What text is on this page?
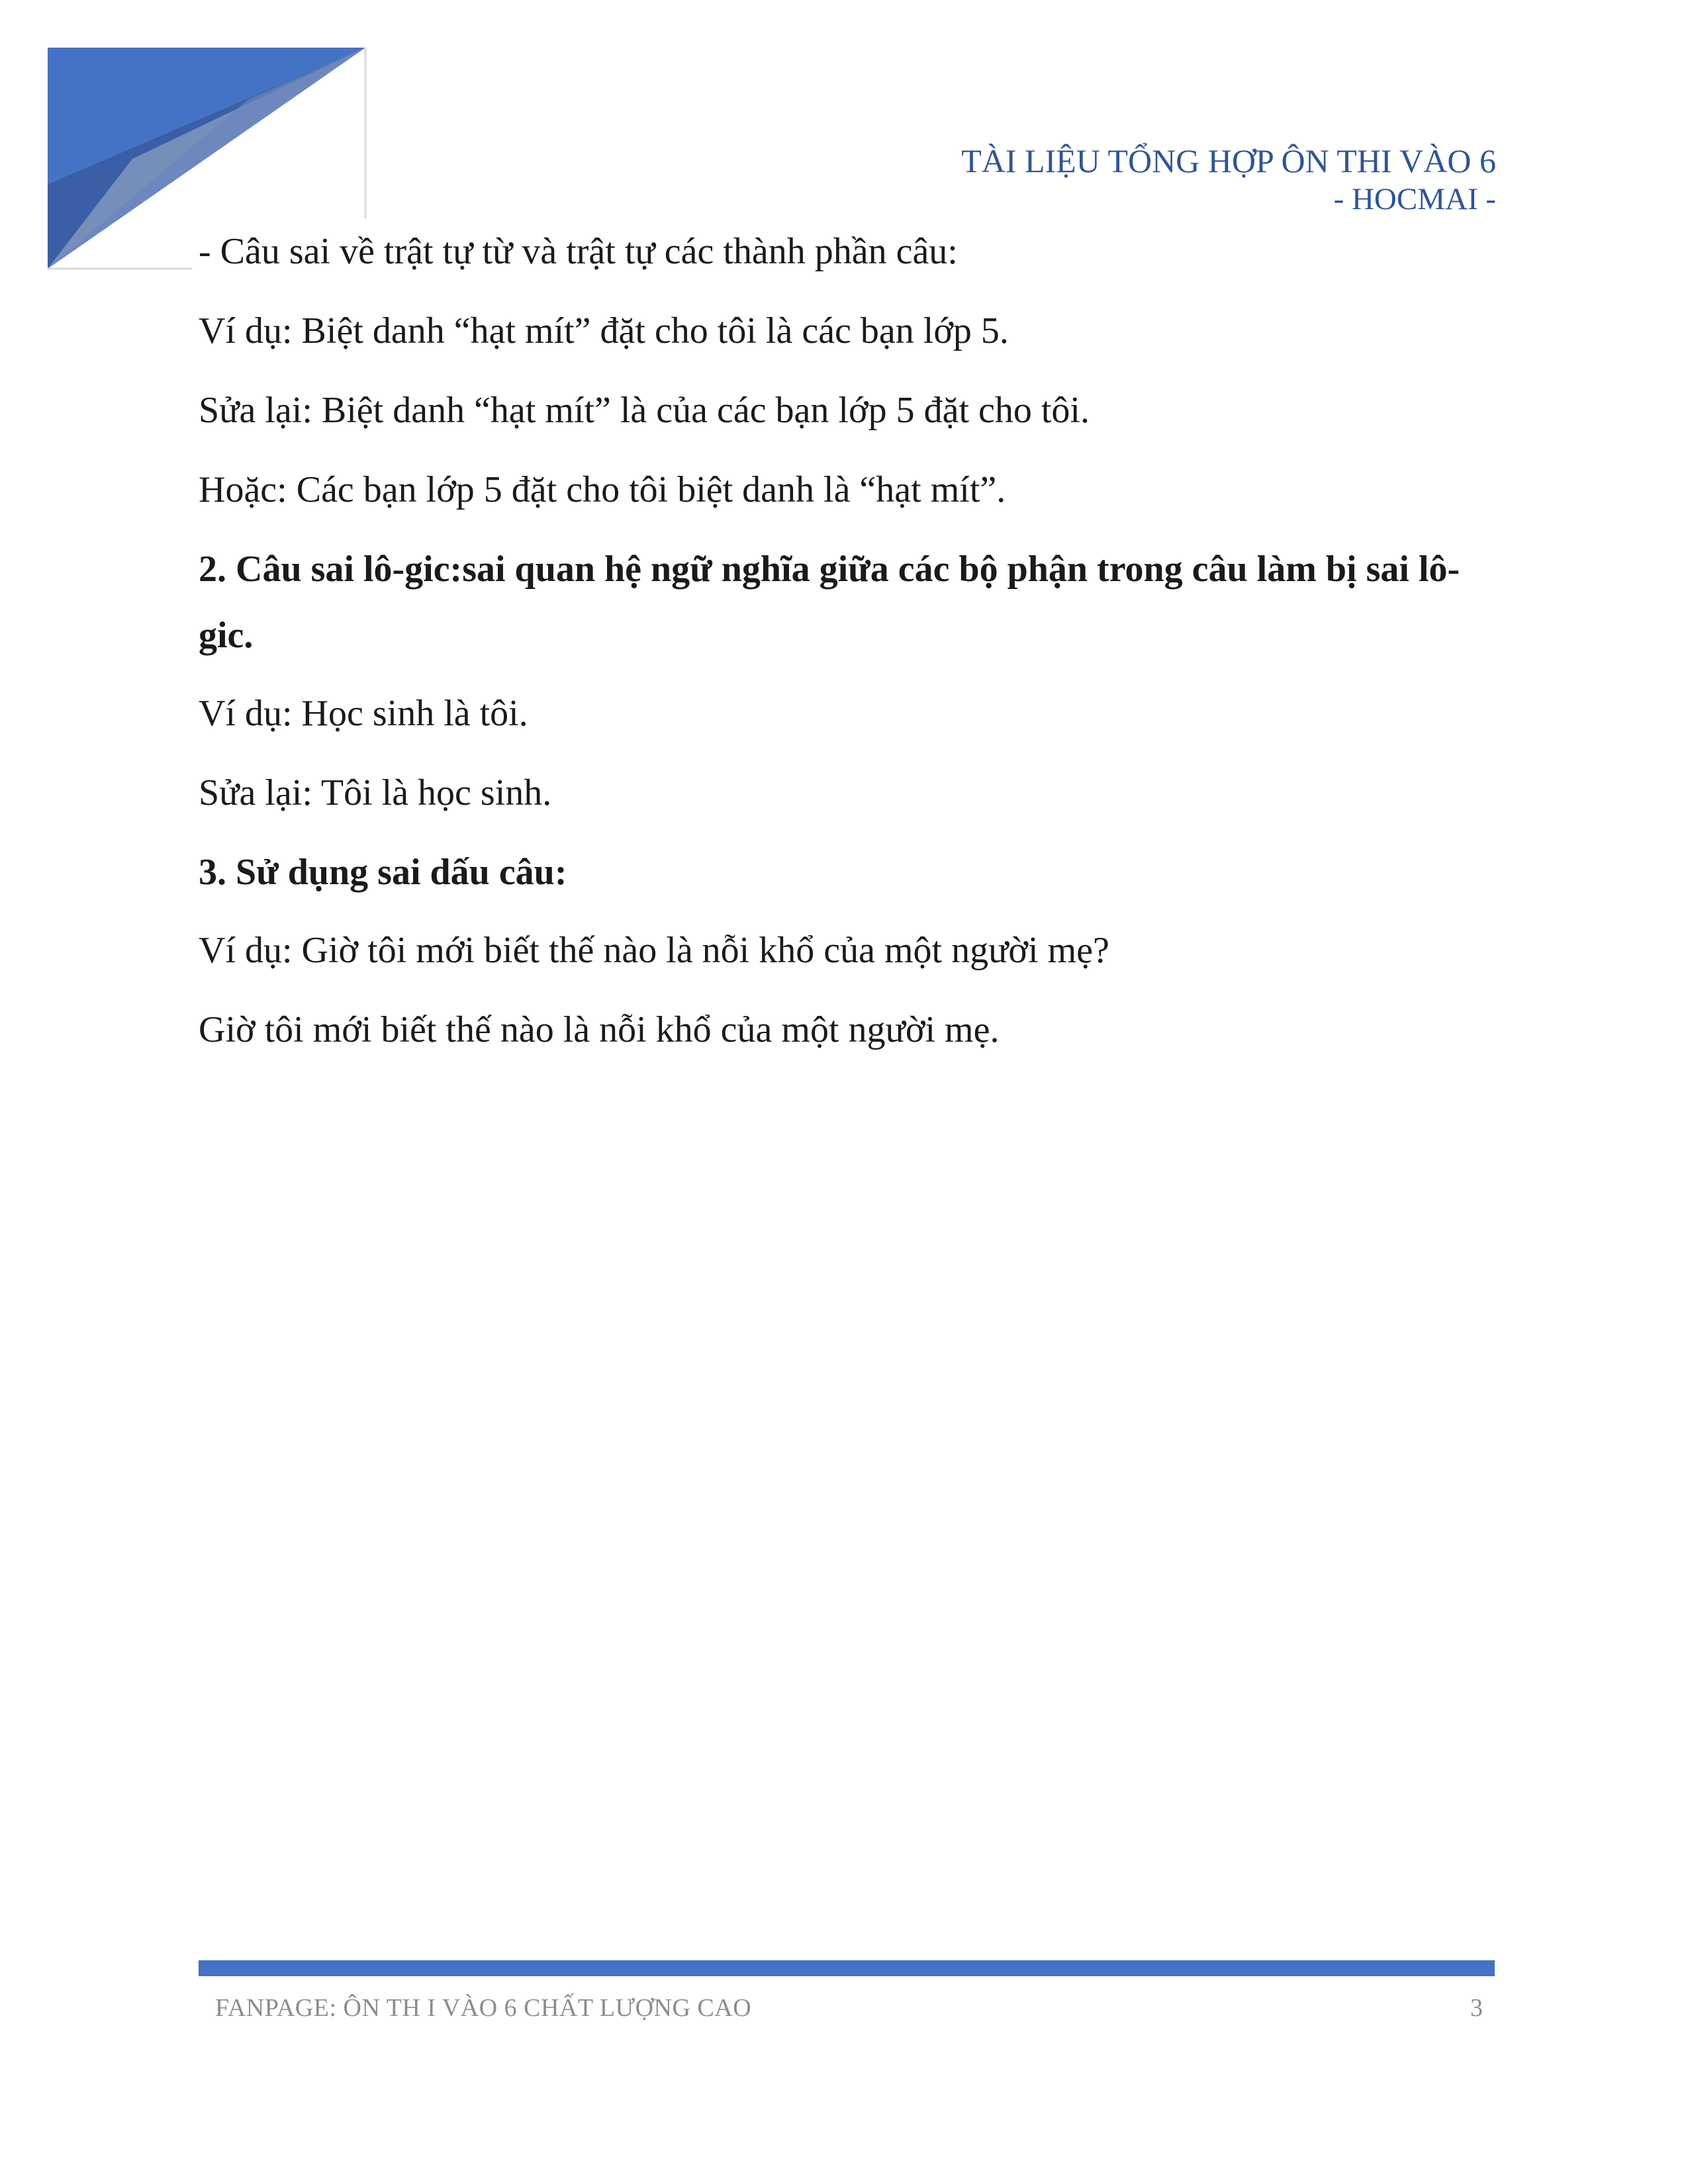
TÀI LIỆU TỔNG HỢP ÔN THI VÀO 6
- HOCMAI -

- Câu sai về trật tự từ và trật tự các thành phần câu:

Ví dụ: Biệt danh “hạt mít” đặt cho tôi là các bạn lớp 5.

Sửa lại: Biệt danh “hạt mít” là của các bạn lớp 5 đặt cho tôi.

Hoặc: Các bạn lớp 5 đặt cho tôi biệt danh là “hạt mít”.

2. Câu sai lô-gic:sai quan hệ ngữ nghĩa giữa các bộ phận trong câu làm bị sai lô-gic.

Ví dụ: Học sinh là tôi.

Sửa lại: Tôi là học sinh.

3. Sử dụng sai dấu câu:

Ví dụ: Giờ tôi mới biết thế nào là nỗi khổ của một người mẹ?

Giờ tôi mới biết thế nào là nỗi khổ của một người mẹ.

FANPAGE: ÔN TH I VÀO 6 CHẤT LƯỢNG CAO	3
